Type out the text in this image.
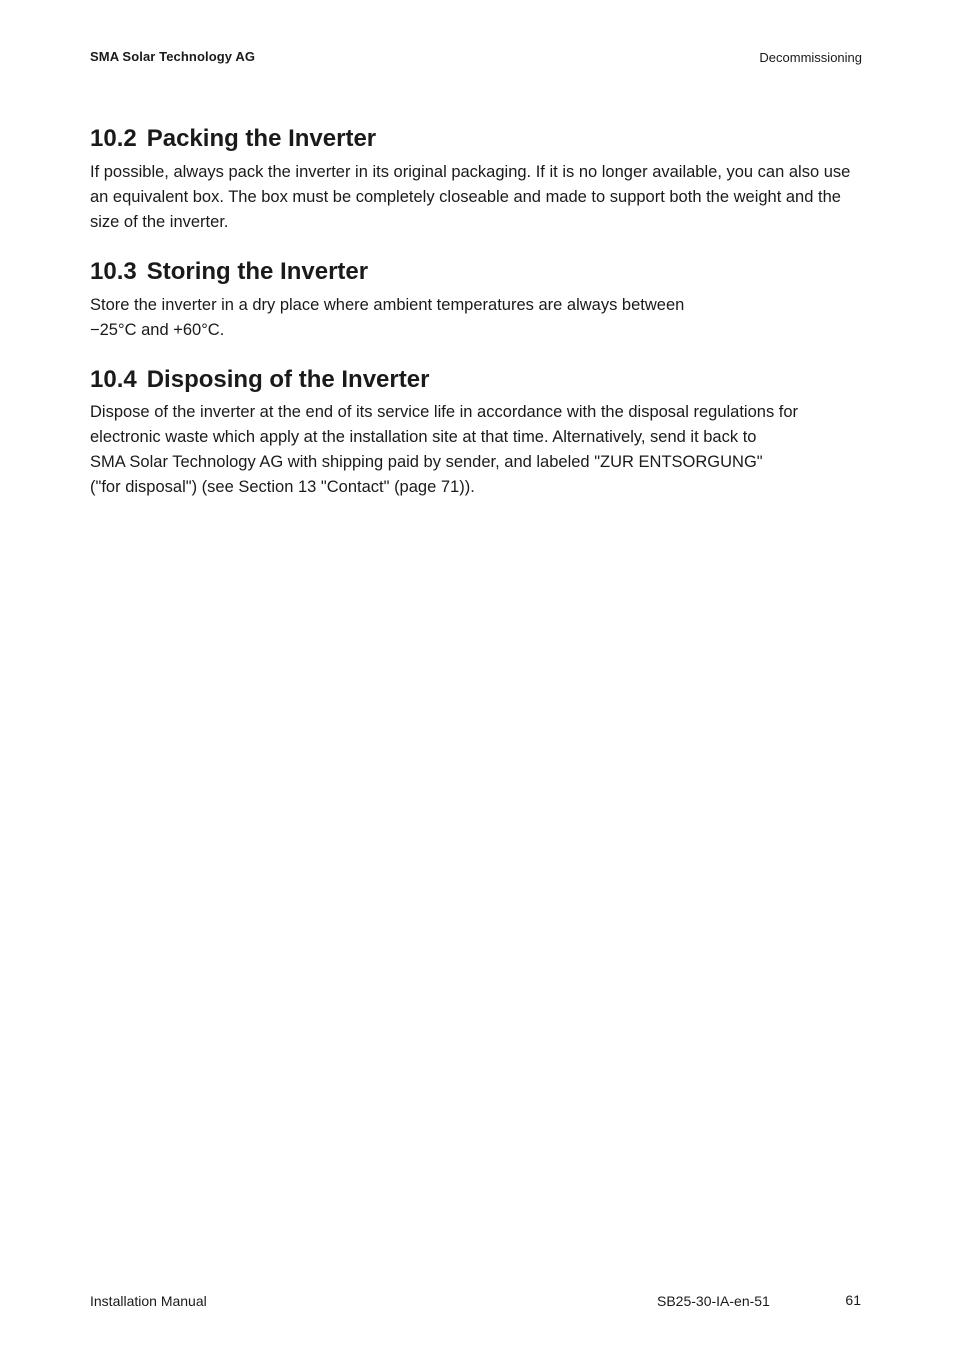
SMA Solar Technology AG	Decommissioning
10.2 Packing the Inverter

If possible, always pack the inverter in its original packaging. If it is no longer available, you can also use an equivalent box. The box must be completely closeable and made to support both the weight and the size of the inverter.

10.3 Storing the Inverter

Store the inverter in a dry place where ambient temperatures are always between
−25°C and +60°C.

10.4 Disposing of the Inverter

Dispose of the inverter at the end of its service life in accordance with the disposal regulations for electronic waste which apply at the installation site at that time. Alternatively, send it back to
SMA Solar Technology AG with shipping paid by sender, and labeled "ZUR ENTSORGUNG"
("for disposal") (see Section 13 "Contact" (page 71)).

Installation Manual	SB25-30-IA-en-51	61
